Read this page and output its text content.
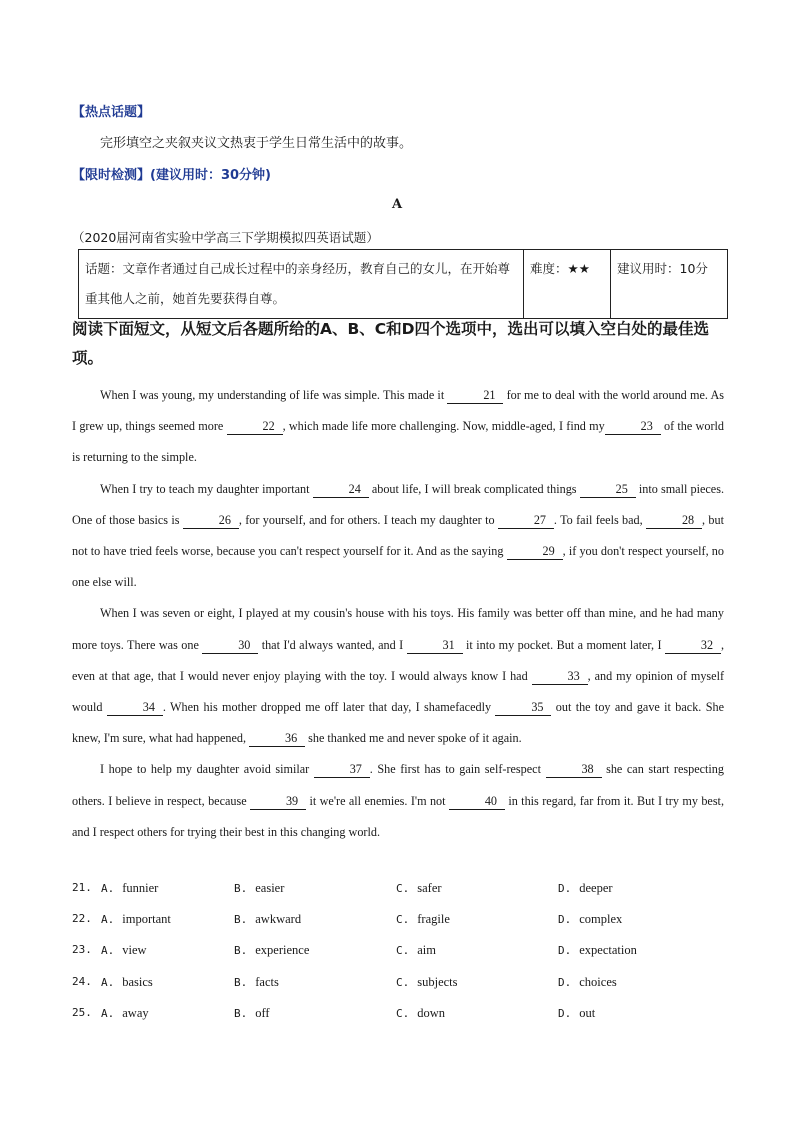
【热点话题】
完形填空之夹叙夹议文热衷于学生日常生活中的故事。
【限时检测】(建议用时：30分钟)
A
（2020届河南省实验中学高三下学期模拟四英语试题）
话题：文章作者通过自己成长过程中的亲身经历，教育自己的女儿，在开始尊重其他人之前，她首先要获得自尊。	难度：★★	建议用时：10分
阅读下面短文，从短文后各题所给的A、B、C和D四个选项中，选出可以填入空白处的最佳选项。

When I was young, my understanding of life was simple. This made it	21 for me to deal with the world around me. As I grew up, things seemed more	22 , which made life more challenging. Now, middle-aged, I find my	23 of the world is returning to the simple.

When I try to teach my daughter important	24 about life, I will break complicated things	25 into small pieces. One of those basics is	26 , for yourself, and for others. I teach my daughter to	27 . To fail feels bad,	28 , but not to have tried feels worse, because you can't respect yourself for it. And as the saying	29 , if you don't respect yourself, no one else will.

When I was seven or eight, I played at my cousin's house with his toys. His family was better off than mine, and he had many more toys. There was one	30 that I'd always wanted, and I	31 it into my pocket. But a moment later, I	32 , even at that age, that I would never enjoy playing with the toy. I would always know I had	33 , and my opinion of myself would	34 . When his mother dropped me off later that day, I shamefacedly	35 out the toy and gave it back. She knew, I'm sure, what had happened,	36 she thanked me and never spoke of it again.

I hope to help my daughter avoid similar	37 . She first has to gain self-respect	38 she can start respecting others. I believe in respect, because	39 it we're all enemies. I'm not	40 in this regard, far from it. But I try my best, and I respect others for trying their best in this changing world.

21. A. funnier	B. easier	C. safer	D. deeper
22. A. important	B. awkward	C. fragile	D. complex
23. A. view	B. experience	C. aim	D. expectation
24. A. basics	B. facts	C. subjects	D. choices
25. A. away	B. off	C. down	D. out
